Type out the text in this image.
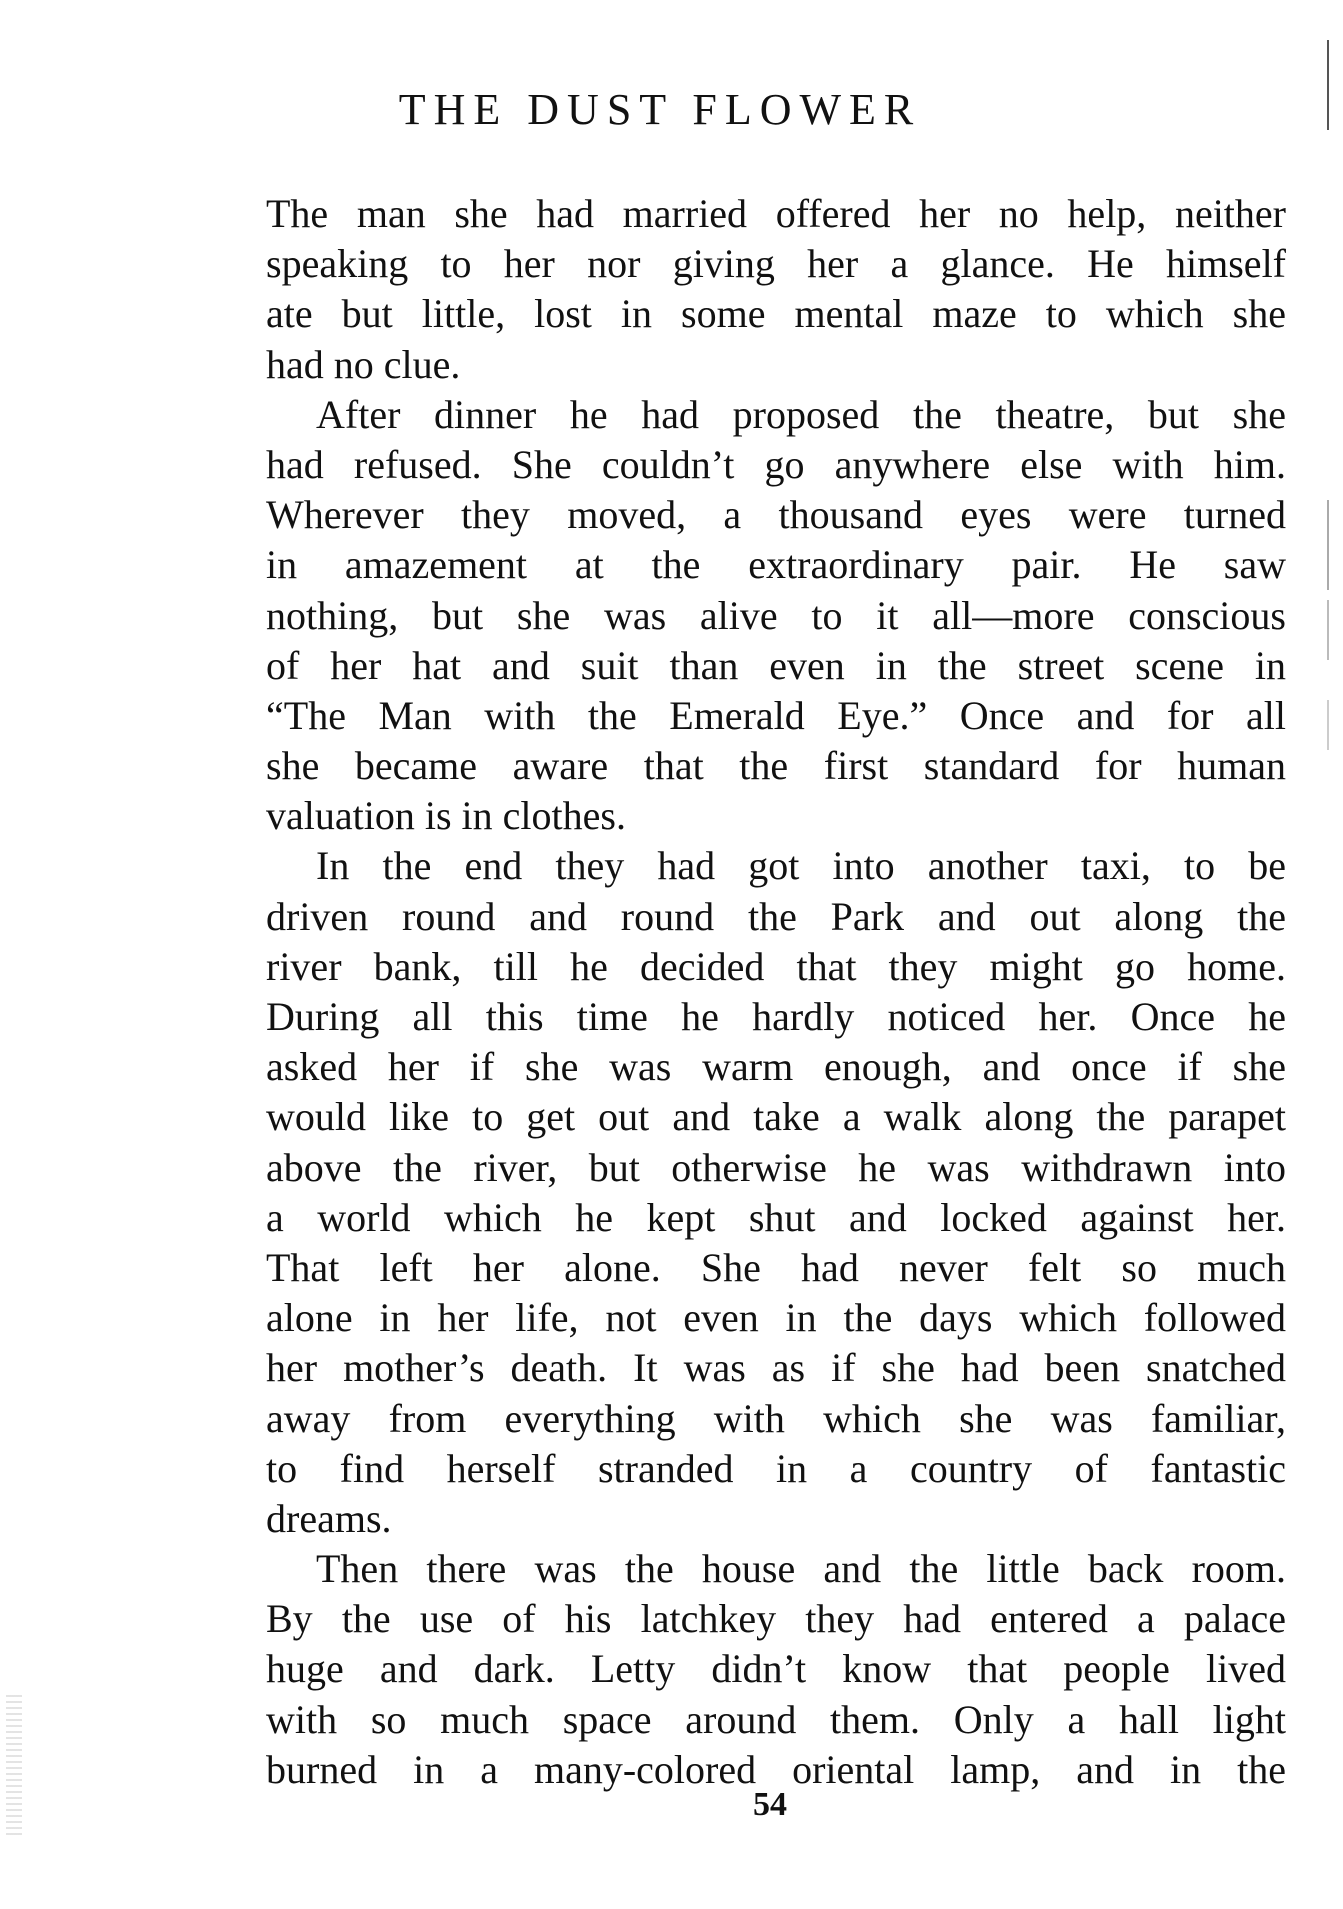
THE DUST FLOWER
The man she had married offered her no help, neither
speaking to her nor giving her a glance. He himself
ate but little, lost in some mental maze to which she
had no clue.
After dinner he had proposed the theatre, but she
had refused. She couldn’t go anywhere else with him.
Wherever they moved, a thousand eyes were turned
in amazement at the extraordinary pair. He saw
nothing, but she was alive to it all—more conscious
of her hat and suit than even in the street scene in
“The Man with the Emerald Eye.” Once and for all
she became aware that the first standard for human
valuation is in clothes.
In the end they had got into another taxi, to be
driven round and round the Park and out along the
river bank, till he decided that they might go home.
During all this time he hardly noticed her. Once he
asked her if she was warm enough, and once if she
would like to get out and take a walk along the parapet
above the river, but otherwise he was withdrawn into
a world which he kept shut and locked against her.
That left her alone. She had never felt so much
alone in her life, not even in the days which followed
her mother’s death. It was as if she had been snatched
away from everything with which she was familiar,
to find herself stranded in a country of fantastic
dreams.
Then there was the house and the little back room.
By the use of his latchkey they had entered a palace
huge and dark. Letty didn’t know that people lived
with so much space around them. Only a hall light
burned in a many-colored oriental lamp, and in the
54
